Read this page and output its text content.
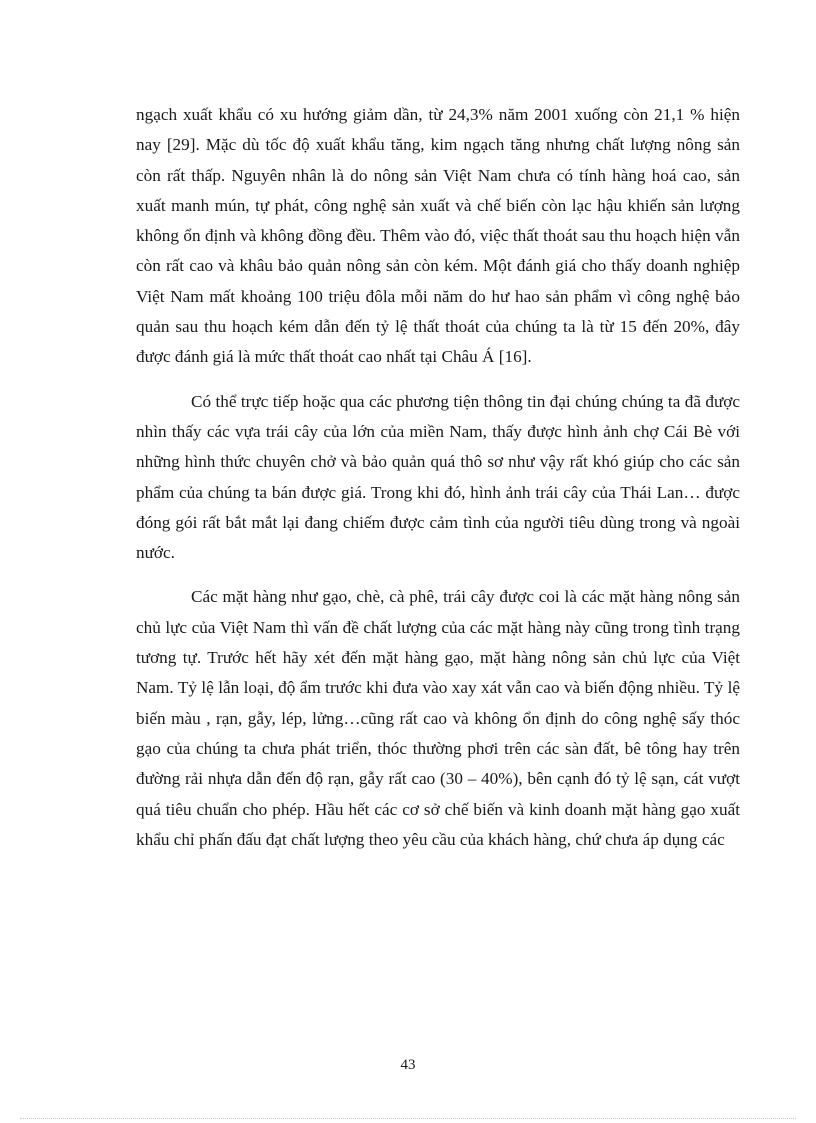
ngạch xuất khẩu có xu hướng giảm dần, từ 24,3% năm 2001 xuống còn 21,1 % hiện nay [29]. Mặc dù tốc độ xuất khẩu tăng, kim ngạch tăng nhưng chất lượng nông sản còn rất thấp. Nguyên nhân là do nông sản Việt Nam chưa có tính hàng hoá cao, sản xuất manh mún, tự phát, công nghệ sản xuất và chế biến còn lạc hậu khiến sản lượng không ổn định và không đồng đều. Thêm vào đó, việc thất thoát sau thu hoạch hiện vẫn còn rất cao và khâu bảo quản nông sản còn kém. Một đánh giá cho thấy doanh nghiệp Việt Nam mất khoảng 100 triệu đôla mỗi năm do hư hao sản phẩm vì công nghệ bảo quản sau thu hoạch kém dẫn đến tỷ lệ thất thoát của chúng ta là từ 15 đến 20%, đây được đánh giá là mức thất thoát cao nhất tại Châu Á [16].

Có thể trực tiếp hoặc qua các phương tiện thông tin đại chúng chúng ta đã được nhìn thấy các vựa trái cây của lớn của miền Nam, thấy được hình ảnh chợ Cái Bè với những hình thức chuyên chở và bảo quản quá thô sơ như vậy rất khó giúp cho các sản phẩm của chúng ta bán được giá. Trong khi đó, hình ảnh trái cây của Thái Lan… được đóng gói rất bắt mắt lại đang chiếm được cảm tình của người tiêu dùng trong và ngoài nước.

Các mặt hàng như gạo, chè, cà phê, trái cây được coi là các mặt hàng nông sản chủ lực của Việt Nam thì vấn đề chất lượng của các mặt hàng này cũng trong tình trạng tương tự. Trước hết hãy xét đến mặt hàng gạo, mặt hàng nông sản chủ lực của Việt Nam. Tỷ lệ lẫn loại, độ ẩm trước khi đưa vào xay xát vẫn cao và biến động nhiều. Tỷ lệ biến màu , rạn, gẫy, lép, lửng…cũng rất cao và không ổn định do công nghệ sấy thóc gạo của chúng ta chưa phát triển, thóc thường phơi trên các sàn đất, bê tông hay trên đường rải nhựa dẫn đến độ rạn, gẫy rất cao (30 – 40%), bên cạnh đó tỷ lệ sạn, cát vượt quá tiêu chuẩn cho phép. Hầu hết các cơ sở chế biến và kinh doanh mặt hàng gạo xuất khẩu chỉ phấn đấu đạt chất lượng theo yêu cầu của khách hàng, chứ chưa áp dụng các

43
